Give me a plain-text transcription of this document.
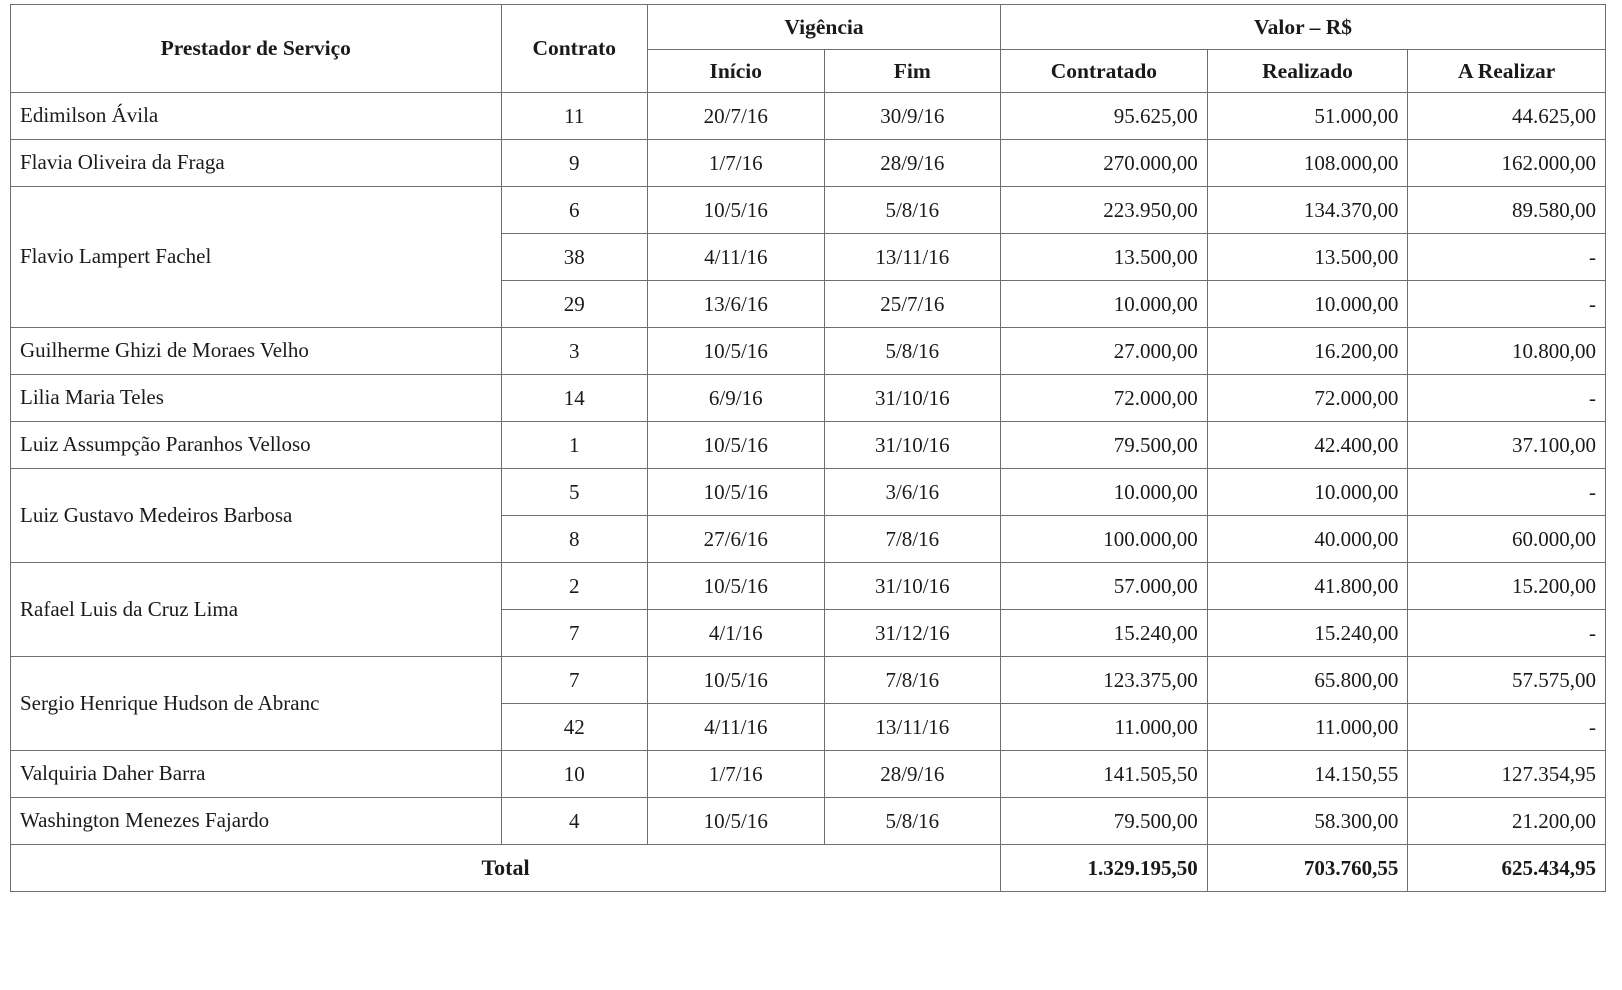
Prestador de Serviço	Contrato	Vigência		Valor – R$		
		Início	Fim	Contratado	Realizado	A Realizar
Edimilson Ávila	11	20/7/16	30/9/16	95.625,00	51.000,00	44.625,00
Flavia Oliveira da Fraga	9	1/7/16	28/9/16	270.000,00	108.000,00	162.000,00
Flavio Lampert Fachel	6	10/5/16	5/8/16	223.950,00	134.370,00	89.580,00
	38	4/11/16	13/11/16	13.500,00	13.500,00	-
	29	13/6/16	25/7/16	10.000,00	10.000,00	-
Guilherme Ghizi de Moraes Velho	3	10/5/16	5/8/16	27.000,00	16.200,00	10.800,00
Lilia Maria Teles	14	6/9/16	31/10/16	72.000,00	72.000,00	-
Luiz Assumpção Paranhos Velloso	1	10/5/16	31/10/16	79.500,00	42.400,00	37.100,00
Luiz Gustavo Medeiros Barbosa	5	10/5/16	3/6/16	10.000,00	10.000,00	-
	8	27/6/16	7/8/16	100.000,00	40.000,00	60.000,00
Rafael Luis da Cruz Lima	2	10/5/16	31/10/16	57.000,00	41.800,00	15.200,00
	7	4/1/16	31/12/16	15.240,00	15.240,00	-
Sergio Henrique Hudson de Abranc	7	10/5/16	7/8/16	123.375,00	65.800,00	57.575,00
	42	4/11/16	13/11/16	11.000,00	11.000,00	-
Valquiria Daher Barra	10	1/7/16	28/9/16	141.505,50	14.150,55	127.354,95
Washington Menezes Fajardo	4	10/5/16	5/8/16	79.500,00	58.300,00	21.200,00
Total				1.329.195,50	703.760,55	625.434,95
